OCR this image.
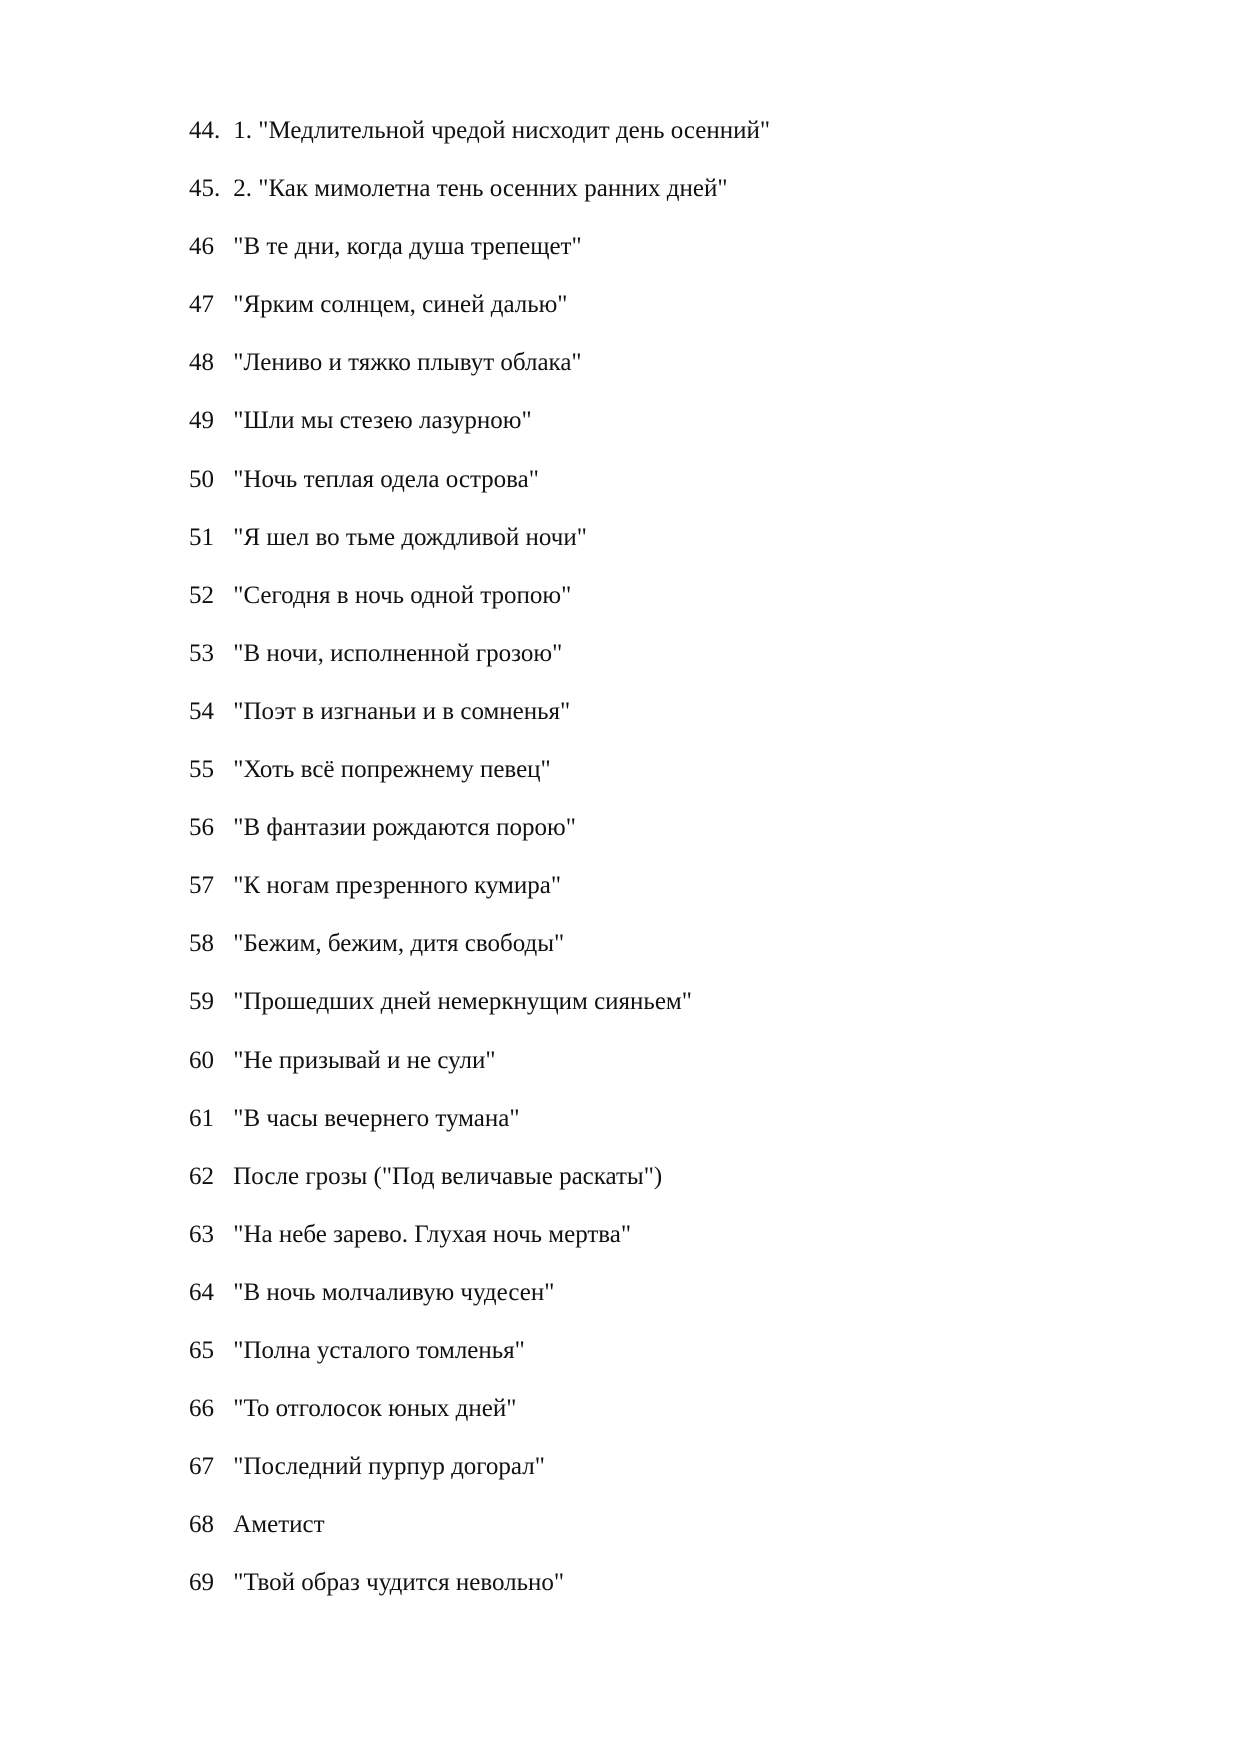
44. 1. "Медлительной чредой нисходит день осенний"
45. 2. "Как мимолетна тень осенних ранних дней"
46 "В те дни, когда душа трепещет"
47 "Ярким солнцем, синей далью"
48 "Лениво и тяжко плывут облака"
49 "Шли мы стезею лазурною"
50 "Ночь теплая одела острова"
51 "Я шел во тьме дождливой ночи"
52 "Сегодня в ночь одной тропою"
53 "В ночи, исполненной грозою"
54 "Поэт в изгнаньи и в сомненья"
55 "Хоть всё попрежнему певец"
56 "В фантазии рождаются порою"
57 "К ногам презренного кумира"
58 "Бежим, бежим, дитя свободы"
59 "Прошедших дней немеркнущим сияньем"
60 "Не призывай и не сули"
61 "В часы вечернего тумана"
62 После грозы ("Под величавые раскаты")
63 "На небе зарево. Глухая ночь мертва"
64 "В ночь молчаливую чудесен"
65 "Полна усталого томленья"
66 "То отголосок юных дней"
67 "Последний пурпур догорал"
68 Аметист
69 "Твой образ чудится невольно"
